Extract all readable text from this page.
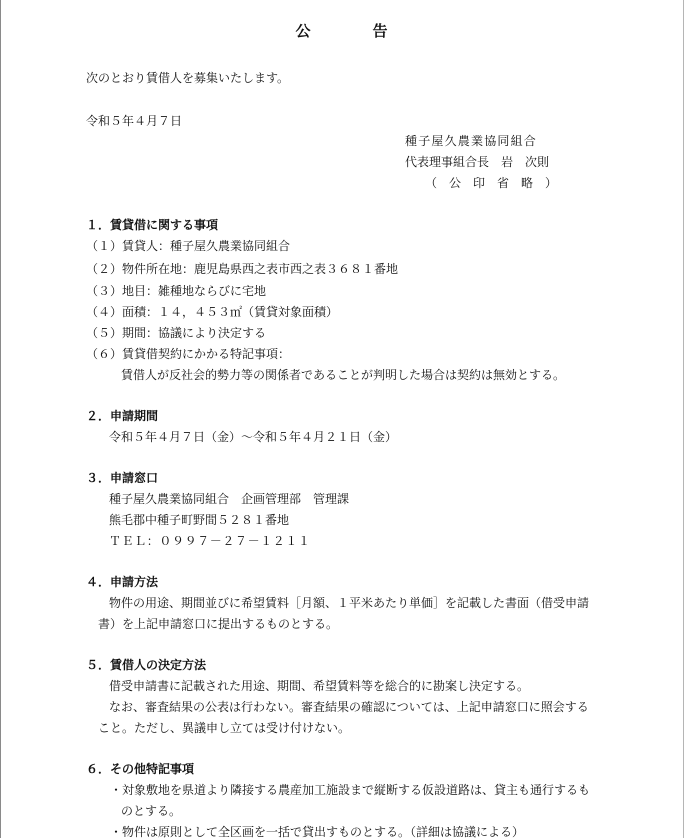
公	告
次のとおり賃借人を募集いたします。
令和５年４月７日
種子屋久農業協同組合
代表理事組合長　岩　次則
（　公　印　省　略　）
１．賃貸借に関する事項
（１）賃貸人：種子屋久農業協同組合
（２）物件所在地：鹿児島県西之表市西之表３６８１番地
（３）地目：雑種地ならびに宅地
（４）面積：１４，４５３㎡（賃貸対象面積）
（５）期間：協議により決定する
（６）賃貸借契約にかかる特記事項：
賃借人が反社会的勢力等の関係者であることが判明した場合は契約は無効とする。
２．申請期間
令和５年４月７日（金）～令和５年４月２１日（金）
３．申請窓口
種子屋久農業協同組合　企画管理部　管理課
熊毛郡中種子町野間５２８１番地
ＴＥＬ：０９９７－２７－１２１１
４．申請方法
物件の用途、期間並びに希望賃料［月額、１平米あたり単価］を記載した書面（借受申請
書）を上記申請窓口に提出するものとする。
５．賃借人の決定方法
借受申請書に記載された用途、期間、希望賃料等を総合的に勘案し決定する。
なお、審査結果の公表は行わない。審査結果の確認については、上記申請窓口に照会する
こと。ただし、異議申し立ては受け付けない。
６．その他特記事項
・対象敷地を県道より隣接する農産加工施設まで縦断する仮設道路は、貸主も通行するも
のとする。
・物件は原則として全区画を一括で貸出すものとする。（詳細は協議による）
